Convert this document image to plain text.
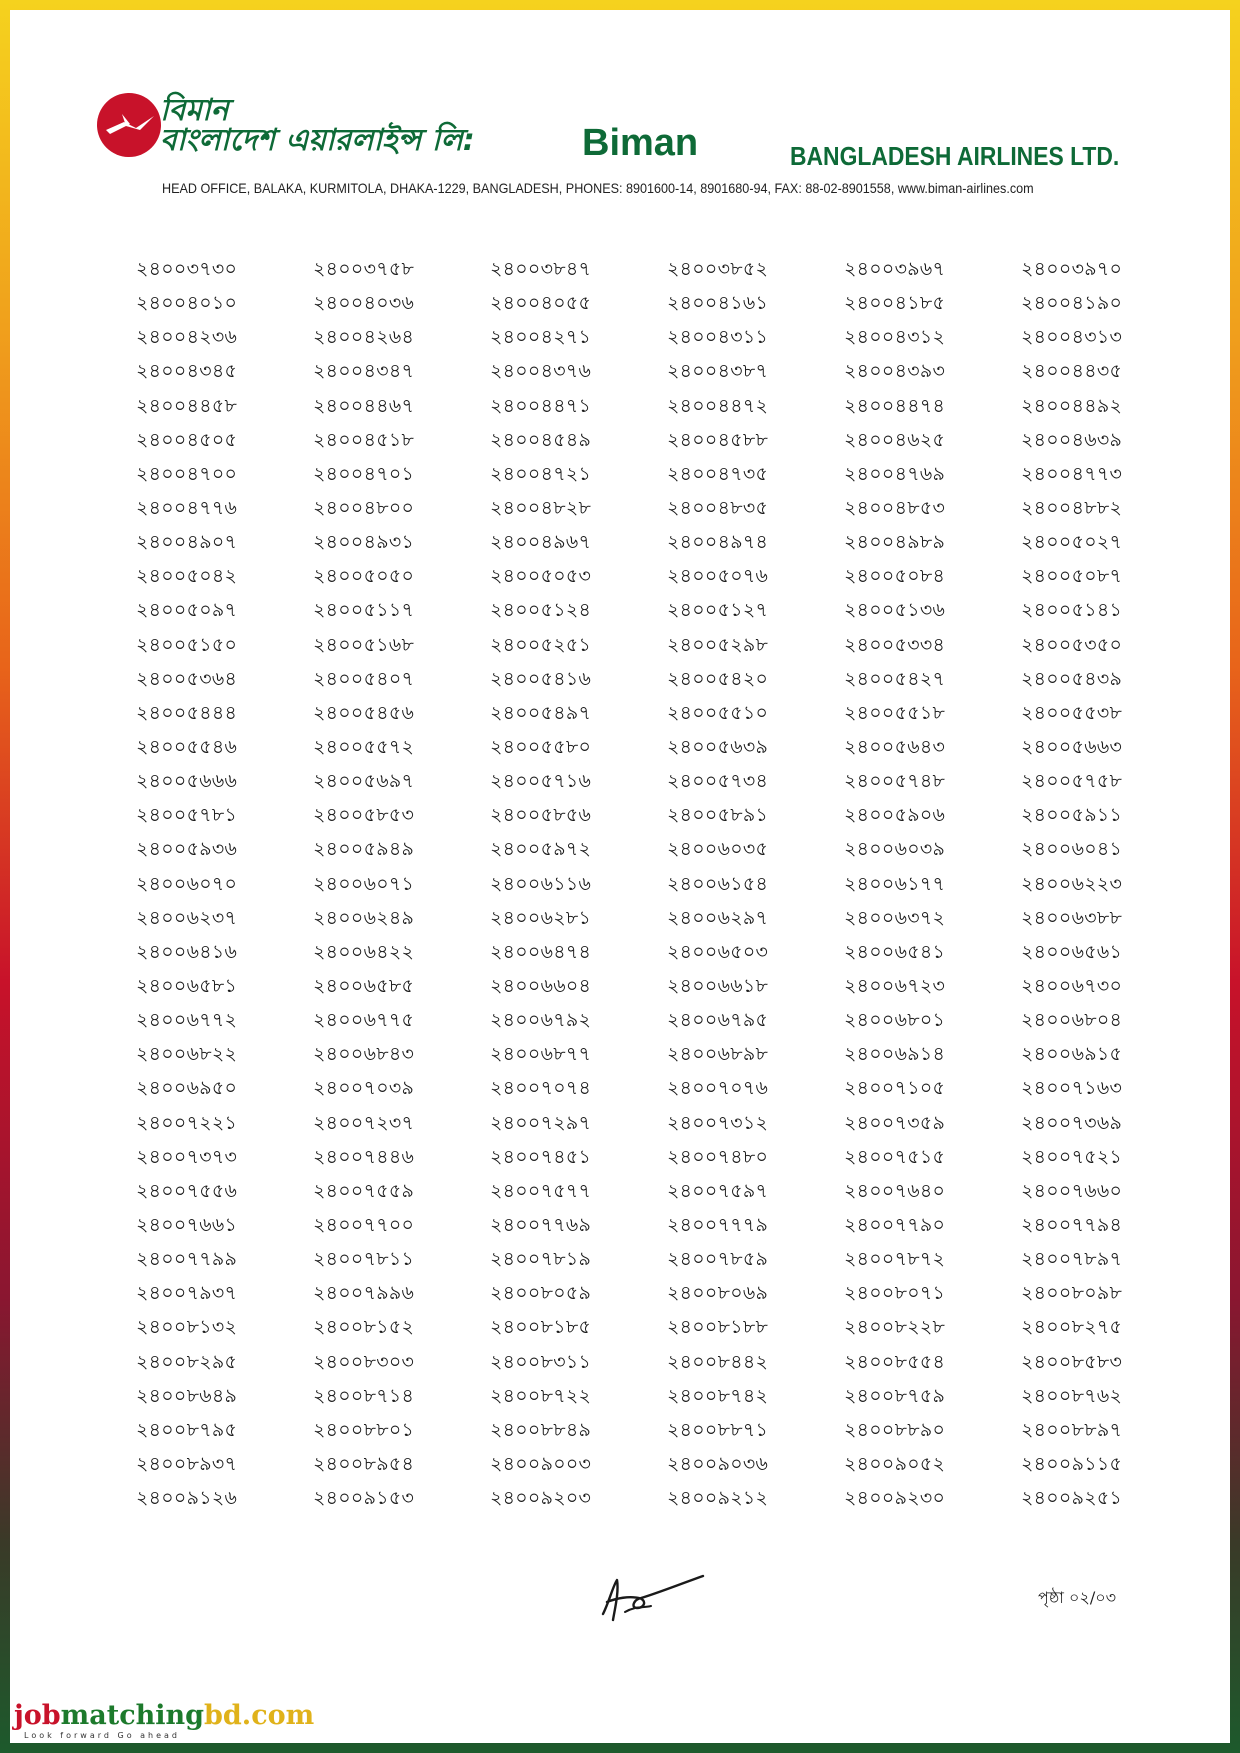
বিমান
বাংলাদেশ এয়ারলাইন্স লি:	Biman	BANGLADESH AIRLINES LTD.
HEAD OFFICE, BALAKA, KURMITOLA, DHAKA-1229, BANGLADESH, PHONES: 8901600-14, 8901680-94, FAX: 88-02-8901558, www.biman-airlines.com
২৪০০৩৭৩০	২৪০০৩৭৫৮	২৪০০৩৮৪৭	২৪০০৩৮৫২	২৪০০৩৯৬৭	২৪০০৩৯৭০
২৪০০৪০১০	২৪০০৪০৩৬	২৪০০৪০৫৫	২৪০০৪১৬১	২৪০০৪১৮৫	২৪০০৪১৯০
২৪০০৪২৩৬	২৪০০৪২৬৪	২৪০০৪২৭১	২৪০০৪৩১১	২৪০০৪৩১২	২৪০০৪৩১৩
২৪০০৪৩৪৫	২৪০০৪৩৪৭	২৪০০৪৩৭৬	২৪০০৪৩৮৭	২৪০০৪৩৯৩	২৪০০৪৪৩৫
২৪০০৪৪৫৮	২৪০০৪৪৬৭	২৪০০৪৪৭১	২৪০০৪৪৭২	২৪০০৪৪৭৪	২৪০০৪৪৯২
২৪০০৪৫০৫	২৪০০৪৫১৮	২৪০০৪৫৪৯	২৪০০৪৫৮৮	২৪০০৪৬২৫	২৪০০৪৬৩৯
২৪০০৪৭০০	২৪০০৪৭০১	২৪০০৪৭২১	২৪০০৪৭৩৫	২৪০০৪৭৬৯	২৪০০৪৭৭৩
২৪০০৪৭৭৬	২৪০০৪৮০০	২৪০০৪৮২৮	২৪০০৪৮৩৫	২৪০০৪৮৫৩	২৪০০৪৮৮২
২৪০০৪৯০৭	২৪০০৪৯৩১	২৪০০৪৯৬৭	২৪০০৪৯৭৪	২৪০০৪৯৮৯	২৪০০৫০২৭
২৪০০৫০৪২	২৪০০৫০৫০	২৪০০৫০৫৩	২৪০০৫০৭৬	২৪০০৫০৮৪	২৪০০৫০৮৭
২৪০০৫০৯৭	২৪০০৫১১৭	২৪০০৫১২৪	২৪০০৫১২৭	২৪০০৫১৩৬	২৪০০৫১৪১
২৪০০৫১৫০	২৪০০৫১৬৮	২৪০০৫২৫১	২৪০০৫২৯৮	২৪০০৫৩৩৪	২৪০০৫৩৫০
২৪০০৫৩৬৪	২৪০০৫৪০৭	২৪০০৫৪১৬	২৪০০৫৪২০	২৪০০৫৪২৭	২৪০০৫৪৩৯
২৪০০৫৪৪৪	২৪০০৫৪৫৬	২৪০০৫৪৯৭	২৪০০৫৫১০	২৪০০৫৫১৮	২৪০০৫৫৩৮
২৪০০৫৫৪৬	২৪০০৫৫৭২	২৪০০৫৫৮০	২৪০০৫৬৩৯	২৪০০৫৬৪৩	২৪০০৫৬৬৩
২৪০০৫৬৬৬	২৪০০৫৬৯৭	২৪০০৫৭১৬	২৪০০৫৭৩৪	২৪০০৫৭৪৮	২৪০০৫৭৫৮
২৪০০৫৭৮১	২৪০০৫৮৫৩	২৪০০৫৮৫৬	২৪০০৫৮৯১	২৪০০৫৯০৬	২৪০০৫৯১১
২৪০০৫৯৩৬	২৪০০৫৯৪৯	২৪০০৫৯৭২	২৪০০৬০৩৫	২৪০০৬০৩৯	২৪০০৬০৪১
২৪০০৬০৭০	২৪০০৬০৭১	২৪০০৬১১৬	২৪০০৬১৫৪	২৪০০৬১৭৭	২৪০০৬২২৩
২৪০০৬২৩৭	২৪০০৬২৪৯	২৪০০৬২৮১	২৪০০৬২৯৭	২৪০০৬৩৭২	২৪০০৬৩৮৮
২৪০০৬৪১৬	২৪০০৬৪২২	২৪০০৬৪৭৪	২৪০০৬৫০৩	২৪০০৬৫৪১	২৪০০৬৫৬১
২৪০০৬৫৮১	২৪০০৬৫৮৫	২৪০০৬৬০৪	২৪০০৬৬১৮	২৪০০৬৭২৩	২৪০০৬৭৩০
২৪০০৬৭৭২	২৪০০৬৭৭৫	২৪০০৬৭৯২	২৪০০৬৭৯৫	২৪০০৬৮০১	২৪০০৬৮০৪
২৪০০৬৮২২	২৪০০৬৮৪৩	২৪০০৬৮৭৭	২৪০০৬৮৯৮	২৪০০৬৯১৪	২৪০০৬৯১৫
২৪০০৬৯৫০	২৪০০৭০৩৯	২৪০০৭০৭৪	২৪০০৭০৭৬	২৪০০৭১০৫	২৪০০৭১৬৩
২৪০০৭২২১	২৪০০৭২৩৭	২৪০০৭২৯৭	২৪০০৭৩১২	২৪০০৭৩৫৯	২৪০০৭৩৬৯
২৪০০৭৩৭৩	২৪০০৭৪৪৬	২৪০০৭৪৫১	২৪০০৭৪৮০	২৪০০৭৫১৫	২৪০০৭৫২১
২৪০০৭৫৫৬	২৪০০৭৫৫৯	২৪০০৭৫৭৭	২৪০০৭৫৯৭	২৪০০৭৬৪০	২৪০০৭৬৬০
২৪০০৭৬৬১	২৪০০৭৭০০	২৪০০৭৭৬৯	২৪০০৭৭৭৯	২৪০০৭৭৯০	২৪০০৭৭৯৪
২৪০০৭৭৯৯	২৪০০৭৮১১	২৪০০৭৮১৯	২৪০০৭৮৫৯	২৪০০৭৮৭২	২৪০০৭৮৯৭
২৪০০৭৯৩৭	২৪০০৭৯৯৬	২৪০০৮০৫৯	২৪০০৮০৬৯	২৪০০৮০৭১	২৪০০৮০৯৮
২৪০০৮১৩২	২৪০০৮১৫২	২৪০০৮১৮৫	২৪০০৮১৮৮	২৪০০৮২২৮	২৪০০৮২৭৫
২৪০০৮২৯৫	২৪০০৮৩০৩	২৪০০৮৩১১	২৪০০৮৪৪২	২৪০০৮৫৫৪	২৪০০৮৫৮৩
২৪০০৮৬৪৯	২৪০০৮৭১৪	২৪০০৮৭২২	২৪০০৮৭৪২	২৪০০৮৭৫৯	২৪০০৮৭৬২
২৪০০৮৭৯৫	২৪০০৮৮০১	২৪০০৮৮৪৯	২৪০০৮৮৭১	২৪০০৮৮৯০	২৪০০৮৮৯৭
২৪০০৮৯৩৭	২৪০০৮৯৫৪	২৪০০৯০০৩	২৪০০৯০৩৬	২৪০০৯০৫২	২৪০০৯১১৫
২৪০০৯১২৬	২৪০০৯১৫৩	২৪০০৯২০৩	২৪০০৯২১২	২৪০০৯২৩০	২৪০০৯২৫১
পৃষ্ঠা ০২/০৩
jobmatchingbd.com
Look forward Go ahead
